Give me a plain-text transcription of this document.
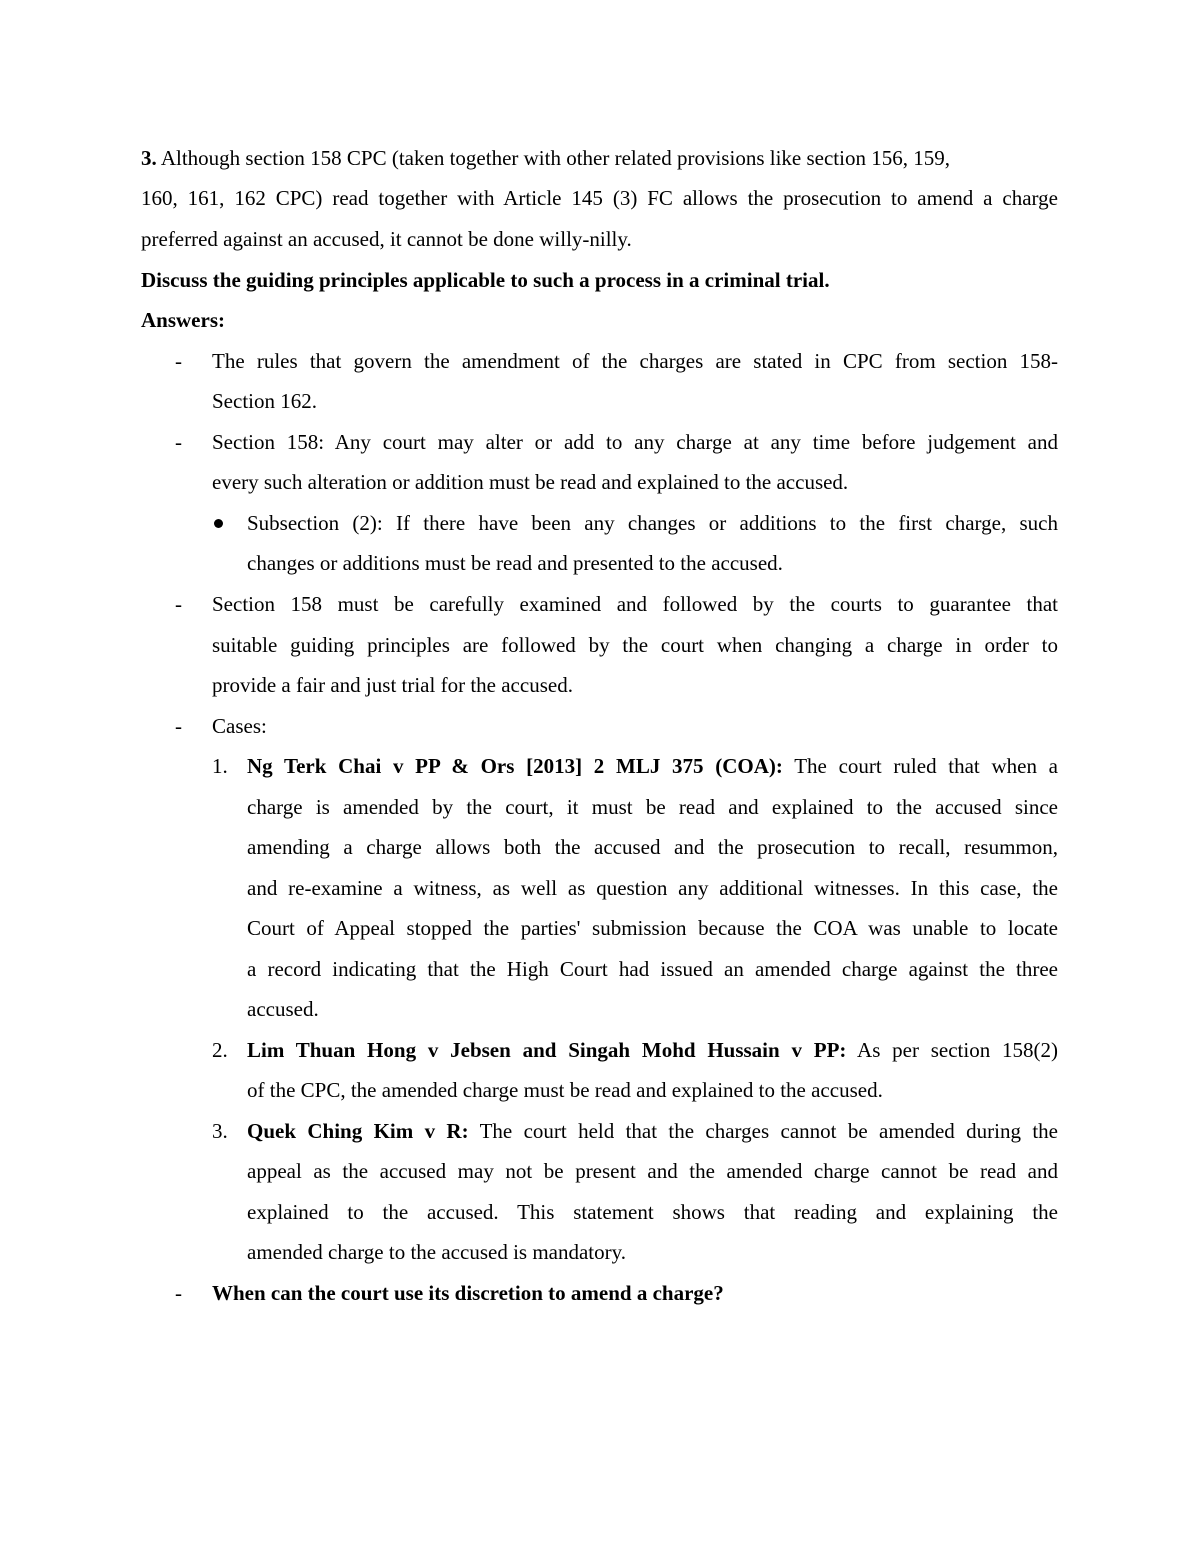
3. Although section 158 CPC (taken together with other related provisions like section 156, 159,
160, 161, 162 CPC) read together with Article 145 (3) FC allows the prosecution to amend a charge
preferred against an accused, it cannot be done willy-nilly.
Discuss the guiding principles applicable to such a process in a criminal trial.
Answers:
- The rules that govern the amendment of the charges are stated in CPC from section 158-
Section 162.
- Section 158: Any court may alter or add to any charge at any time before judgement and
every such alteration or addition must be read and explained to the accused.
Subsection (2): If there have been any changes or additions to the first charge, such
changes or additions must be read and presented to the accused.
- Section 158 must be carefully examined and followed by the courts to guarantee that
suitable guiding principles are followed by the court when changing a charge in order to
provide a fair and just trial for the accused.
- Cases:
1. Ng Terk Chai v PP & Ors [2013] 2 MLJ 375 (COA): The court ruled that when a
charge is amended by the court, it must be read and explained to the accused since
amending a charge allows both the accused and the prosecution to recall, resummon,
and re-examine a witness, as well as question any additional witnesses. In this case, the
Court of Appeal stopped the parties' submission because the COA was unable to locate
a record indicating that the High Court had issued an amended charge against the three
accused.
2. Lim Thuan Hong v Jebsen and Singah Mohd Hussain v PP: As per section 158(2)
of the CPC, the amended charge must be read and explained to the accused.
3. Quek Ching Kim v R: The court held that the charges cannot be amended during the
appeal as the accused may not be present and the amended charge cannot be read and
explained to the accused. This statement shows that reading and explaining the
amended charge to the accused is mandatory.
- When can the court use its discretion to amend a charge?
